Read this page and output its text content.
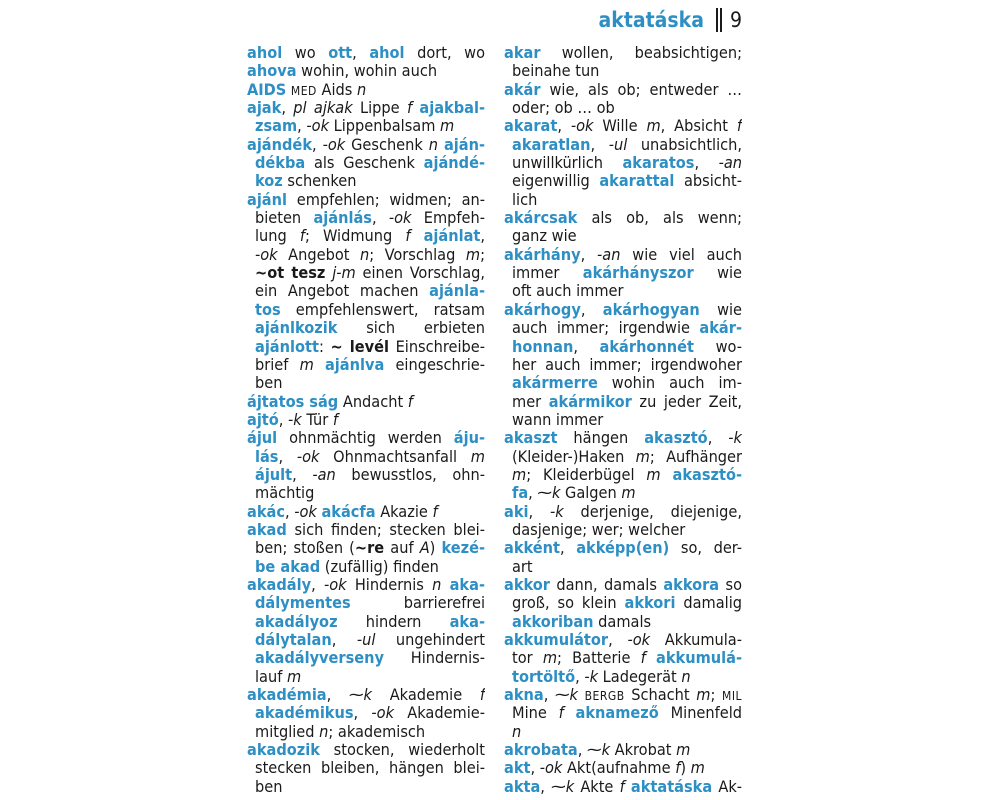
aktatáska 9
ahol wo ott, ahol dort, wo
ahova wohin, wohin auch
AIDS MED Aids n
ajak, pl ajkak Lippe f ajakbal-
zsam, -ok Lippenbalsam m
ajándék, -ok Geschenk n aján-
dékba als Geschenk ajándé-
koz schenken
ajánl empfehlen; widmen; an-
bieten ajánlás, -ok Empfeh-
lung f; Widmung f ajánlat,
-ok Angebot n; Vorschlag m;
~ot tesz j-m einen Vorschlag,
ein Angebot machen ajánla-
tos empfehlenswert, ratsam
ajánlkozik sich erbieten
ajánlott: ~ levél Einschreibe-
brief m ajánlva eingeschrie-
ben
ájtatos ság Andacht f
ajtó, -k Tür f
ájul ohnmächtig werden áju-
lás, -ok Ohnmachtsanfall m
ájult, -an bewusstlos, ohn-
mächtig
akác, -ok akácfa Akazie f
akad sich finden; stecken blei-
ben; stoßen (~re auf A) kezé-
be akad (zufällig) finden
akadály, -ok Hindernis n aka-
dálymentes barrierefrei
akadályoz hindern aka-
dálytalan, -ul ungehindert
akadályverseny Hindernis-
lauf m
akadémia, ⁓k Akademie f
akadémikus, -ok Akademie-
mitglied n; akademisch
akadozik stocken, wiederholt
stecken bleiben, hängen blei-
ben
akar wollen, beabsichtigen;
beinahe tun
akár wie, als ob; entweder …
oder; ob … ob
akarat, -ok Wille m, Absicht f
akaratlan, -ul unabsichtlich,
unwillkürlich akaratos, -an
eigenwillig akarattal absicht-
lich
akárcsak als ob, als wenn;
ganz wie
akárhány, -an wie viel auch
immer akárhányszor wie
oft auch immer
akárhogy, akárhogyan wie
auch immer; irgendwie akár-
honnan, akárhonnét wo-
her auch immer; irgendwoher
akármerre wohin auch im-
mer akármikor zu jeder Zeit,
wann immer
akaszt hängen akasztó, -k
(Kleider-)Haken m; Aufhänger
m; Kleiderbügel m akasztó-
fa, ⁓k Galgen m
aki, -k derjenige, diejenige,
dasjenige; wer; welcher
akként, akképp(en) so, der-
art
akkor dann, damals akkora so
groß, so klein akkori damalig
akkoriban damals
akkumulátor, -ok Akkumula-
tor m; Batterie f akkumulá-
tortöltő, -k Ladegerät n
akna, ⁓k BERGB Schacht m; MIL
Mine f aknamező Minenfeld
n
akrobata, ⁓k Akrobat m
akt, -ok Akt(aufnahme f) m
akta, ⁓k Akte f aktatáska Ak-
